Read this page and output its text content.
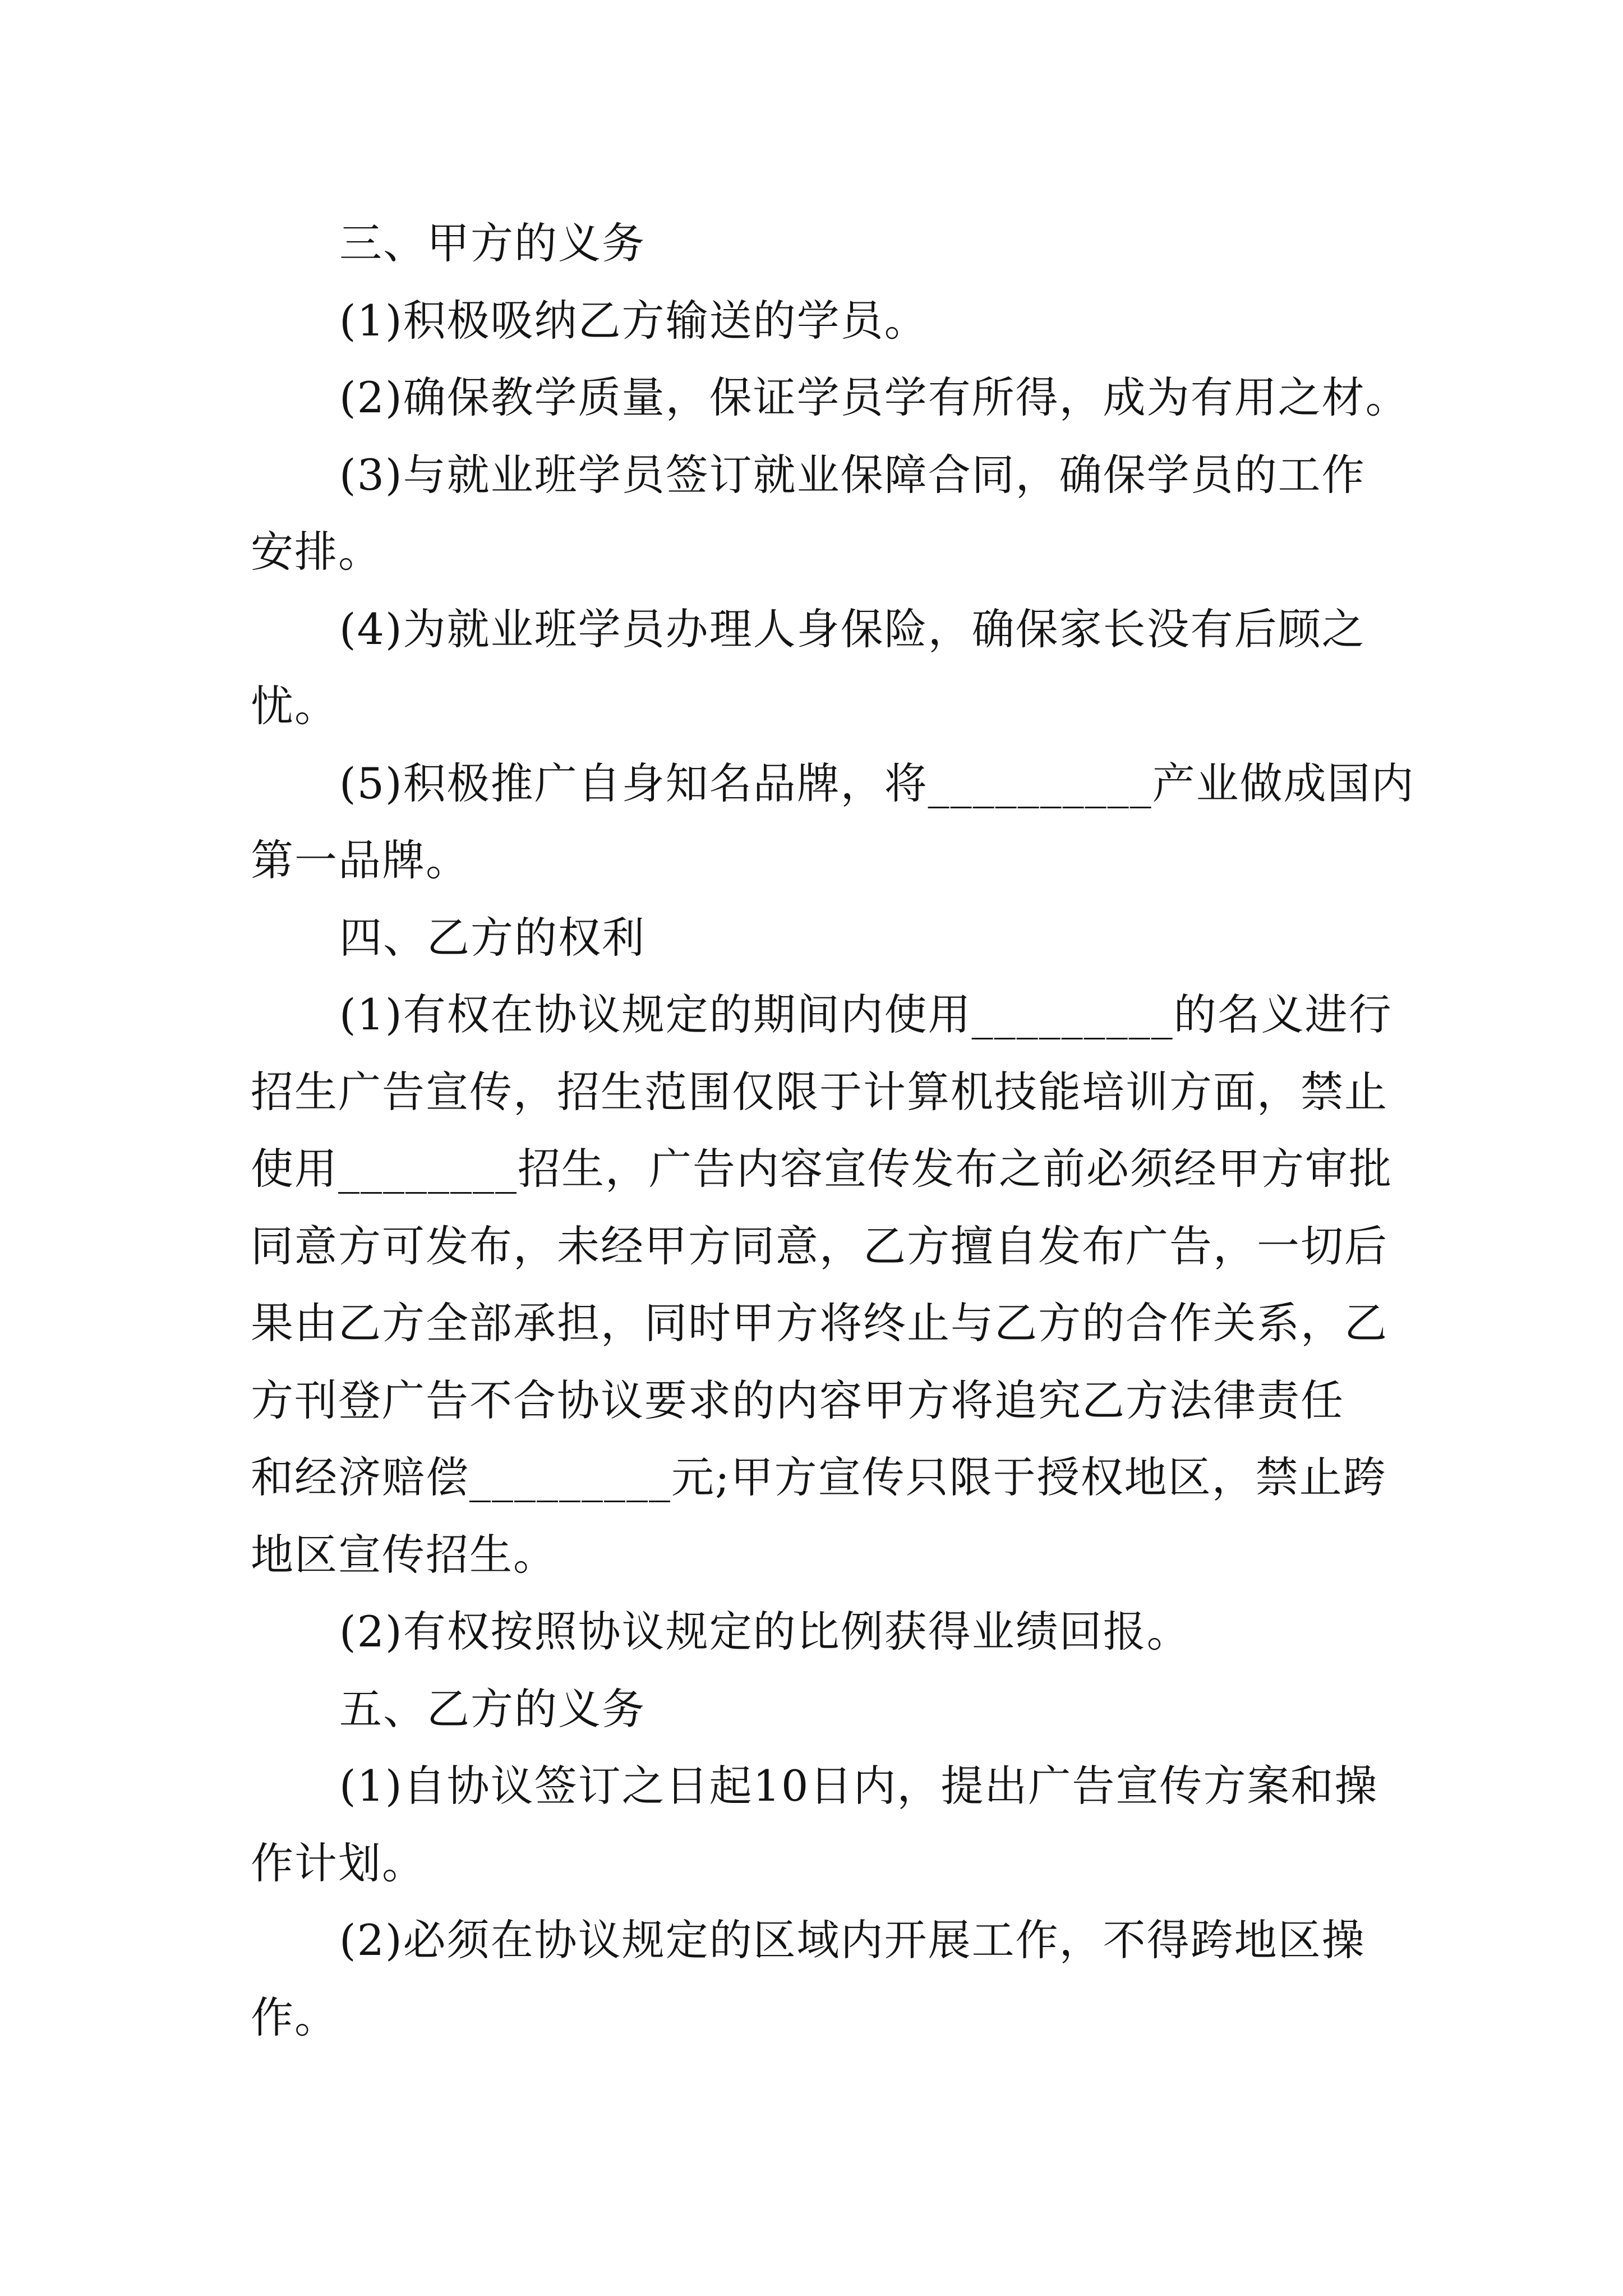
三、甲方的义务
(1)积极吸纳乙方输送的学员。
(2)确保教学质量，保证学员学有所得，成为有用之材。
(3)与就业班学员签订就业保障合同，确保学员的工作
安排。
(4)为就业班学员办理人身保险，确保家长没有后顾之
忧。
(5)积极推广自身知名品牌，将__________产业做成国内
第一品牌。
四、乙方的权利
(1)有权在协议规定的期间内使用_________的名义进行
招生广告宣传，招生范围仅限于计算机技能培训方面，禁止
使用________招生，广告内容宣传发布之前必须经甲方审批
同意方可发布，未经甲方同意，乙方擅自发布广告，一切后
果由乙方全部承担，同时甲方将终止与乙方的合作关系，乙
方刊登广告不合协议要求的内容甲方将追究乙方法律责任
和经济赔偿_________元;甲方宣传只限于授权地区，禁止跨
地区宣传招生。
(2)有权按照协议规定的比例获得业绩回报。
五、乙方的义务
(1)自协议签订之日起10日内，提出广告宣传方案和操
作计划。
(2)必须在协议规定的区域内开展工作，不得跨地区操
作。
